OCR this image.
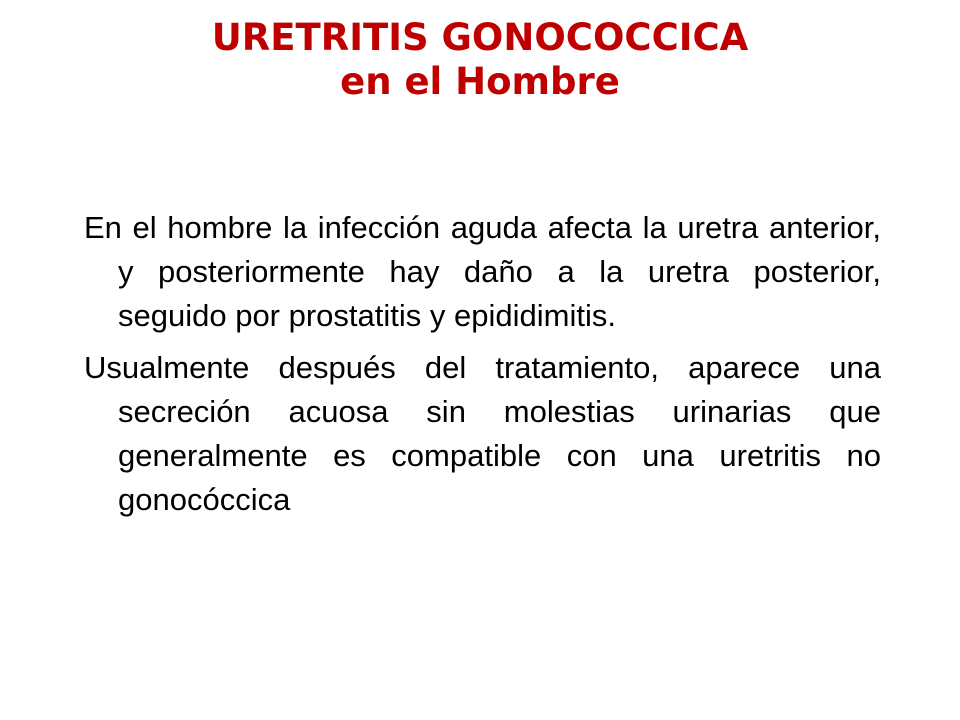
URETRITIS GONOCOCCICA
en el Hombre

En el hombre la infección aguda afecta la uretra anterior, y posteriormente hay daño a la uretra posterior, seguido por prostatitis y epididimitis.

Usualmente después del tratamiento, aparece una secreción acuosa sin molestias urinarias que generalmente es compatible con una uretritis no gonocóccica
